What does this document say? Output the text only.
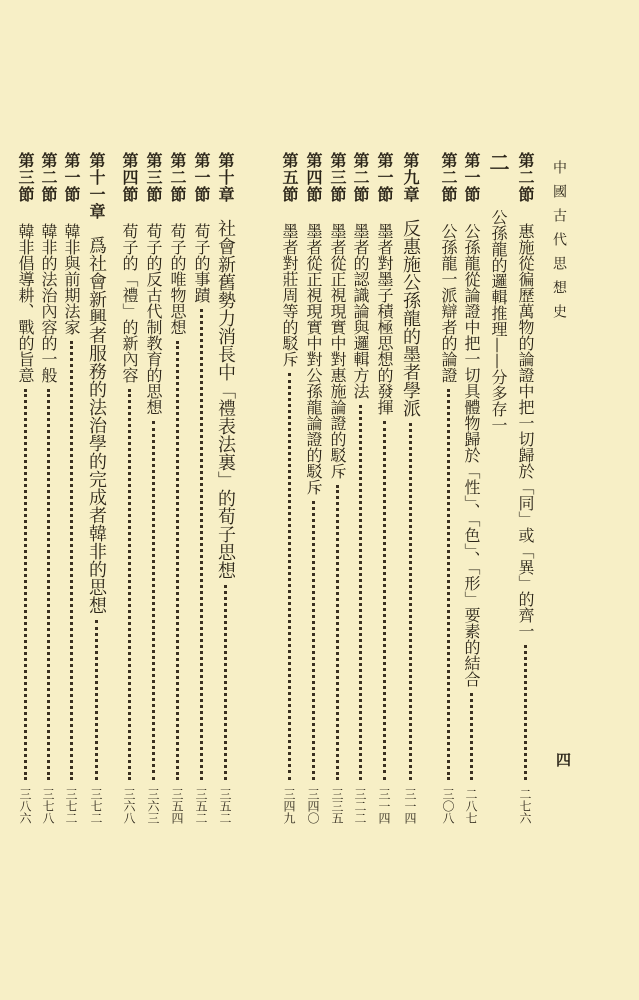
中國古代思想史
四
第二節
惠施從徧歷萬物的論證中把一切歸於「同」或「異」的齊一
二七六
二
公孫龍的邏輯推理——分多存一
第一節
公孫龍從論證中把一切具體物歸於「性」、「色」、「形」要素的結合
二八七
第二節
公孫龍一派辯者的論證
三〇八
第九章
反惠施公孫龍的墨者學派
三一四
第一節
墨者對墨子積極思想的發揮
三一四
第二節
墨者的認識論與邏輯方法
三二二
第三節
墨者從正視現實中對惠施論證的駁斥
三三五
第四節
墨者從正視現實中對公孫龍論證的駁斥
三四〇
第五節
墨者對莊周等的駁斥
三四九
第十章
社會新舊勢力消長中「禮表法裏」的荀子思想
三五二
第一節
荀子的事蹟
三五二
第二節
荀子的唯物思想
三五四
第三節
荀子的反古代制教育的思想
三六三
第四節
荀子的「禮」的新內容
三六八
第十一章
爲社會新興者服務的法治學的完成者韓非的思想
三七二
第一節
韓非與前期法家
三七二
第二節
韓非的法治內容的一般
三七八
第三節
韓非倡導耕、戰的旨意
三八六
